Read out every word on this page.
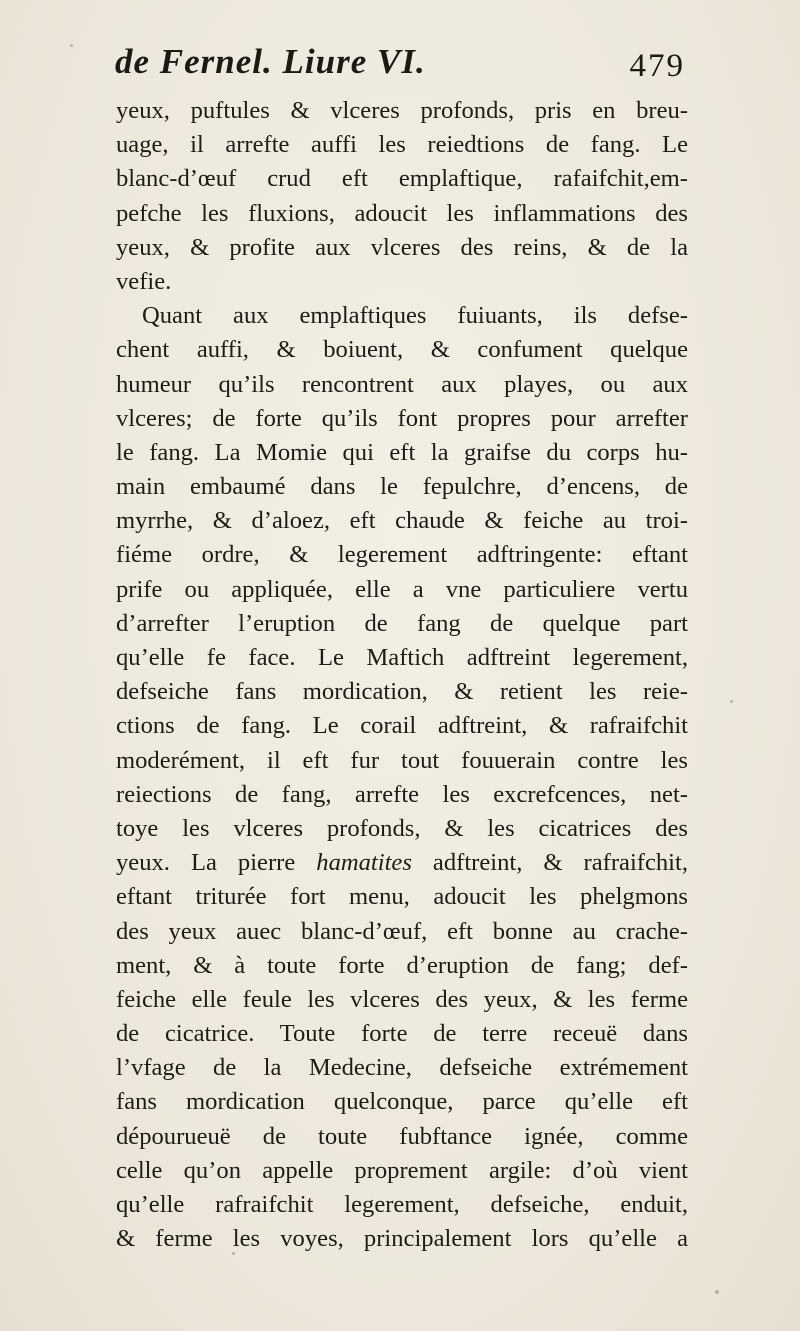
de Fernel. Liure VI.	479
yeux, puftules & vlceres profonds, pris en breu-
uage, il arrefte auffi les reiedtions de fang. Le
blanc-d’œuf crud eft emplaftique, rafaifchit,em-
pefche les fluxions, adoucit les inflammations des
yeux, & profite aux vlceres des reins, & de la
vefie.
Quant aux emplaftiques fuiuants, ils defse-
chent auffi, & boiuent, & confument quelque
humeur qu’ils rencontrent aux playes, ou aux
vlceres; de forte qu’ils font propres pour arrefter
le fang. La Momie qui eft la graifse du corps hu-
main embaumé dans le fepulchre, d’encens, de
myrrhe, & d’aloez, eft chaude & feiche au troi-
fiéme ordre, & legerement adftringente: eftant
prife ou appliquée, elle a vne particuliere vertu
d’arrefter l’eruption de fang de quelque part
qu’elle fe face. Le Maftich adftreint legerement,
defseiche fans mordication, & retient les reie-
ctions de fang. Le corail adftreint, & rafraifchit
moderément, il eft fur tout fouuerain contre les
reiections de fang, arrefte les excrefcences, net-
toye les vlceres profonds, & les cicatrices des
yeux. La pierre hamatites adftreint, & rafraifchit,
eftant triturée fort menu, adoucit les phelgmons
des yeux auec blanc-d’œuf, eft bonne au crache-
ment, & à toute forte d’eruption de fang; def-
feiche elle feule les vlceres des yeux, & les ferme
de cicatrice. Toute forte de terre receuë dans
l’vfage de la Medecine, defseiche extrémement
fans mordication quelconque, parce qu’elle eft
dépourueuë de toute fubftance ignée, comme
celle qu’on appelle proprement argile: d’où vient
qu’elle rafraifchit legerement, defseiche, enduit,
& ferme les voyes, principalement lors qu’elle a
